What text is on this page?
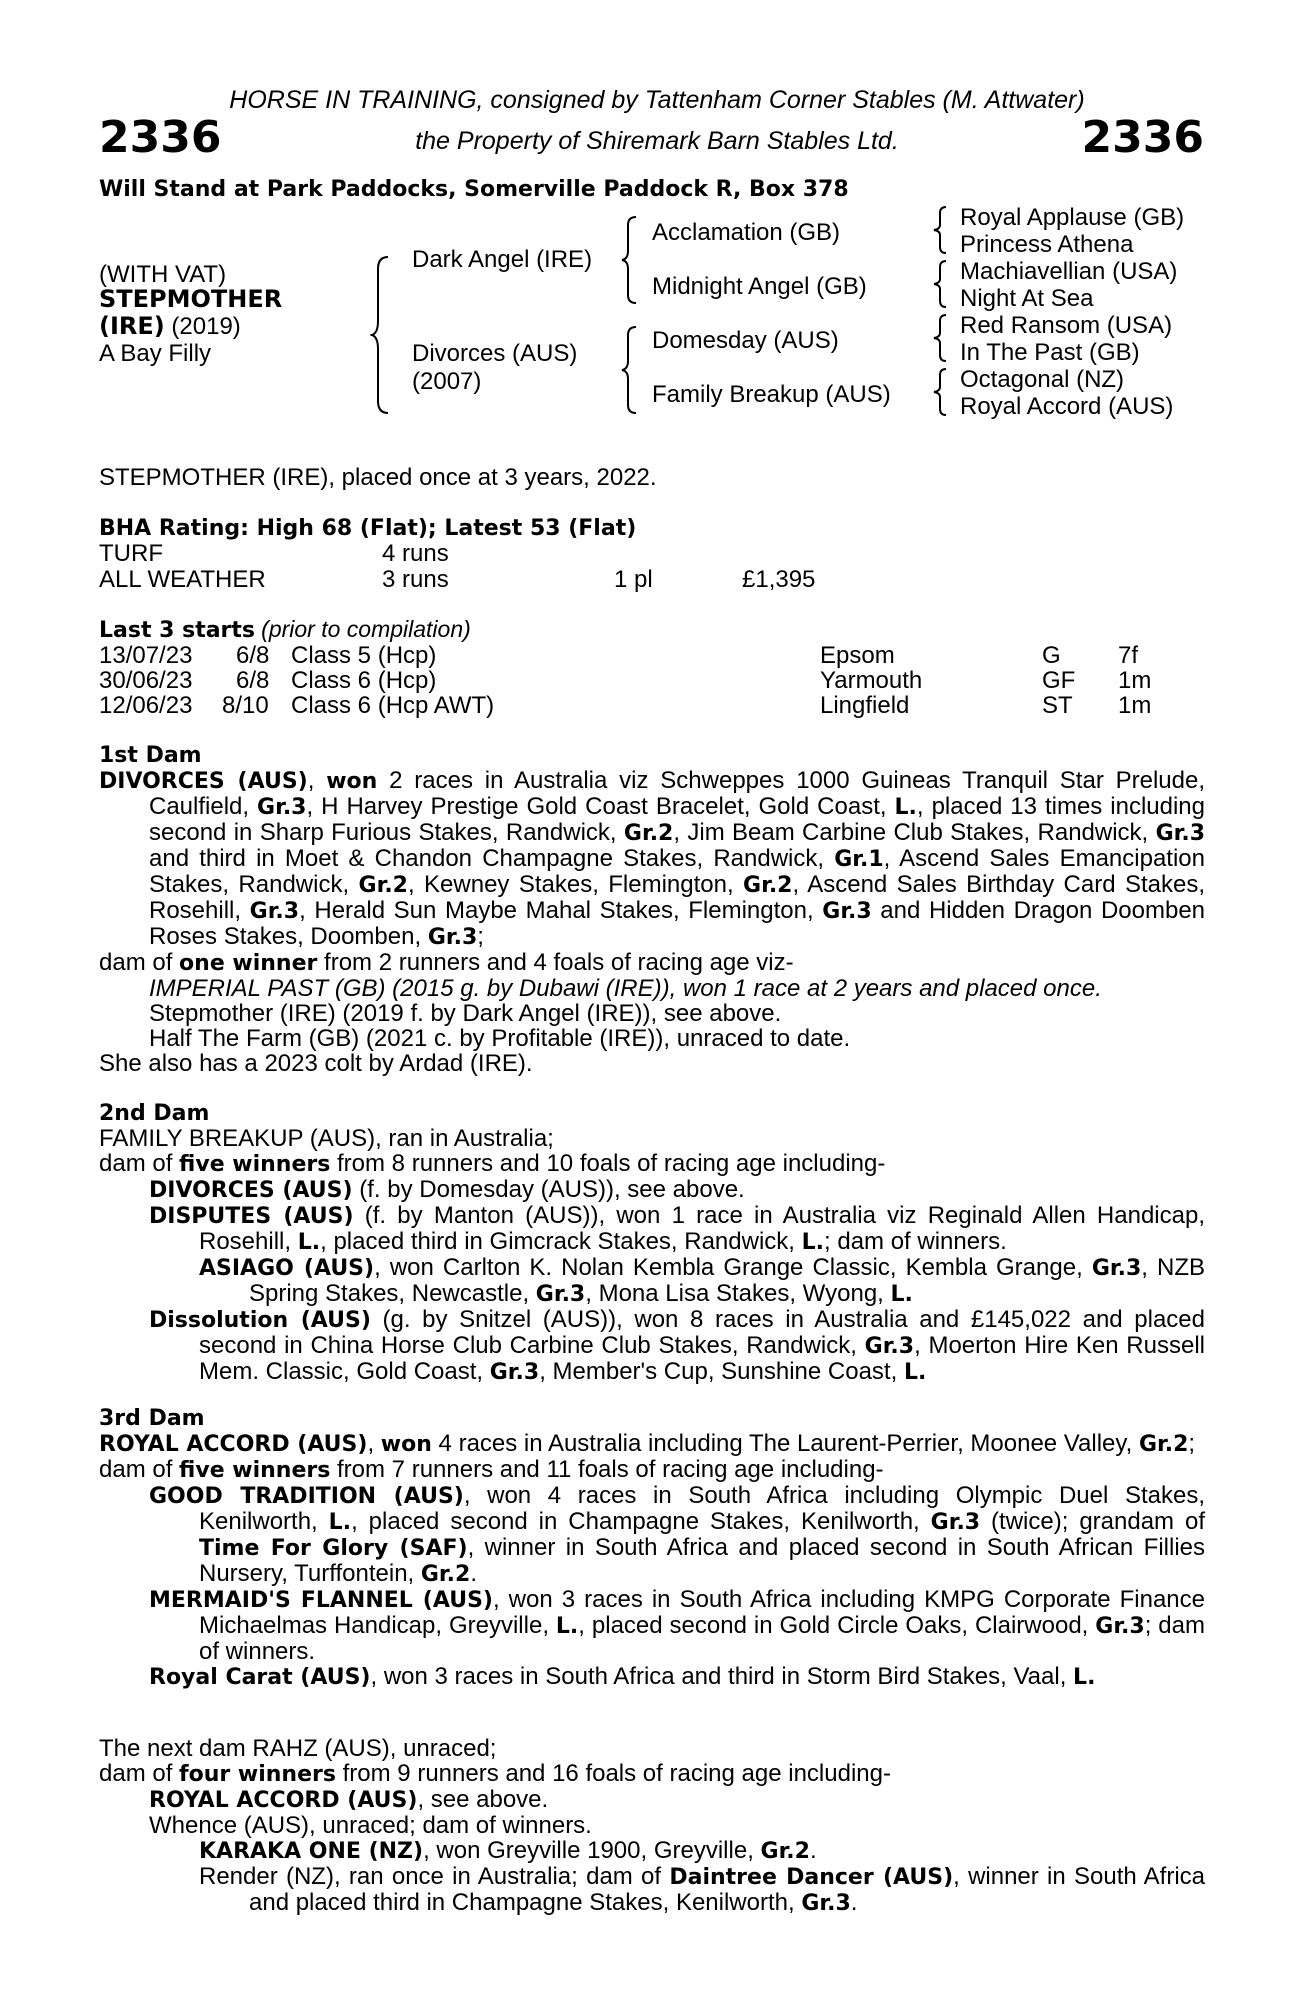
HORSE IN TRAINING, consigned by Tattenham Corner Stables (M. Attwater)
the Property of Shiremark Barn Stables Ltd.
2336	2336
Will Stand at Park Paddocks, Somerville Paddock R, Box 378
(WITH VAT)
STEPMOTHER
(IRE) (2019)
A Bay Filly
Dark Angel (IRE)
Divorces (AUS)
(2007)
Acclamation (GB)
Midnight Angel (GB)
Domesday (AUS)
Family Breakup (AUS)
Royal Applause (GB)
Princess Athena
Machiavellian (USA)
Night At Sea
Red Ransom (USA)
In The Past (GB)
Octagonal (NZ)
Royal Accord (AUS)
STEPMOTHER (IRE), placed once at 3 years, 2022.
BHA Rating: High 68 (Flat); Latest 53 (Flat)
TURF	4 runs
ALL WEATHER	3 runs	1 pl	£1,395
Last 3 starts (prior to compilation)
13/07/23 6/8 Class 5 (Hcp)	Epsom	G 7f
30/06/23 6/8 Class 6 (Hcp)	Yarmouth	GF 1m
12/06/23 8/10 Class 6 (Hcp AWT)	Lingfield	ST 1m
1st Dam

DIVORCES (AUS), won 2 races in Australia viz Schweppes 1000 Guineas Tranquil Star Prelude, Caulfield, Gr.3, H Harvey Prestige Gold Coast Bracelet, Gold Coast, L., placed 13 times including second in Sharp Furious Stakes, Randwick, Gr.2, Jim Beam Carbine Club Stakes, Randwick, Gr.3 and third in Moet & Chandon Champagne Stakes, Randwick, Gr.1, Ascend Sales Emancipation Stakes, Randwick, Gr.2, Kewney Stakes, Flemington, Gr.2, Ascend Sales Birthday Card Stakes, Rosehill, Gr.3, Herald Sun Maybe Mahal Stakes, Flemington, Gr.3 and Hidden Dragon Doomben Roses Stakes, Doomben, Gr.3;

dam of one winner from 2 runners and 4 foals of racing age viz-

IMPERIAL PAST (GB) (2015 g. by Dubawi (IRE)), won 1 race at 2 years and placed once.

Stepmother (IRE) (2019 f. by Dark Angel (IRE)), see above.

Half The Farm (GB) (2021 c. by Profitable (IRE)), unraced to date.

She also has a 2023 colt by Ardad (IRE).

2nd Dam

FAMILY BREAKUP (AUS), ran in Australia;

dam of five winners from 8 runners and 10 foals of racing age including-

DIVORCES (AUS) (f. by Domesday (AUS)), see above.

DISPUTES (AUS) (f. by Manton (AUS)), won 1 race in Australia viz Reginald Allen Handicap, Rosehill, L., placed third in Gimcrack Stakes, Randwick, L.; dam of winners.

ASIAGO (AUS), won Carlton K. Nolan Kembla Grange Classic, Kembla Grange, Gr.3, NZB Spring Stakes, Newcastle, Gr.3, Mona Lisa Stakes, Wyong, L.

Dissolution (AUS) (g. by Snitzel (AUS)), won 8 races in Australia and £145,022 and placed second in China Horse Club Carbine Club Stakes, Randwick, Gr.3, Moerton Hire Ken Russell Mem. Classic, Gold Coast, Gr.3, Member's Cup, Sunshine Coast, L.

3rd Dam

ROYAL ACCORD (AUS), won 4 races in Australia including The Laurent-Perrier, Moonee Valley, Gr.2;

dam of five winners from 7 runners and 11 foals of racing age including-

GOOD TRADITION (AUS), won 4 races in South Africa including Olympic Duel Stakes, Kenilworth, L., placed second in Champagne Stakes, Kenilworth, Gr.3 (twice); grandam of Time For Glory (SAF), winner in South Africa and placed second in South African Fillies Nursery, Turffontein, Gr.2.

MERMAID'S FLANNEL (AUS), won 3 races in South Africa including KMPG Corporate Finance Michaelmas Handicap, Greyville, L., placed second in Gold Circle Oaks, Clairwood, Gr.3; dam of winners.

Royal Carat (AUS), won 3 races in South Africa and third in Storm Bird Stakes, Vaal, L.

The next dam RAHZ (AUS), unraced;

dam of four winners from 9 runners and 16 foals of racing age including-

ROYAL ACCORD (AUS), see above.

Whence (AUS), unraced; dam of winners.

KARAKA ONE (NZ), won Greyville 1900, Greyville, Gr.2.

Render (NZ), ran once in Australia; dam of Daintree Dancer (AUS), winner in South Africa and placed third in Champagne Stakes, Kenilworth, Gr.3.
